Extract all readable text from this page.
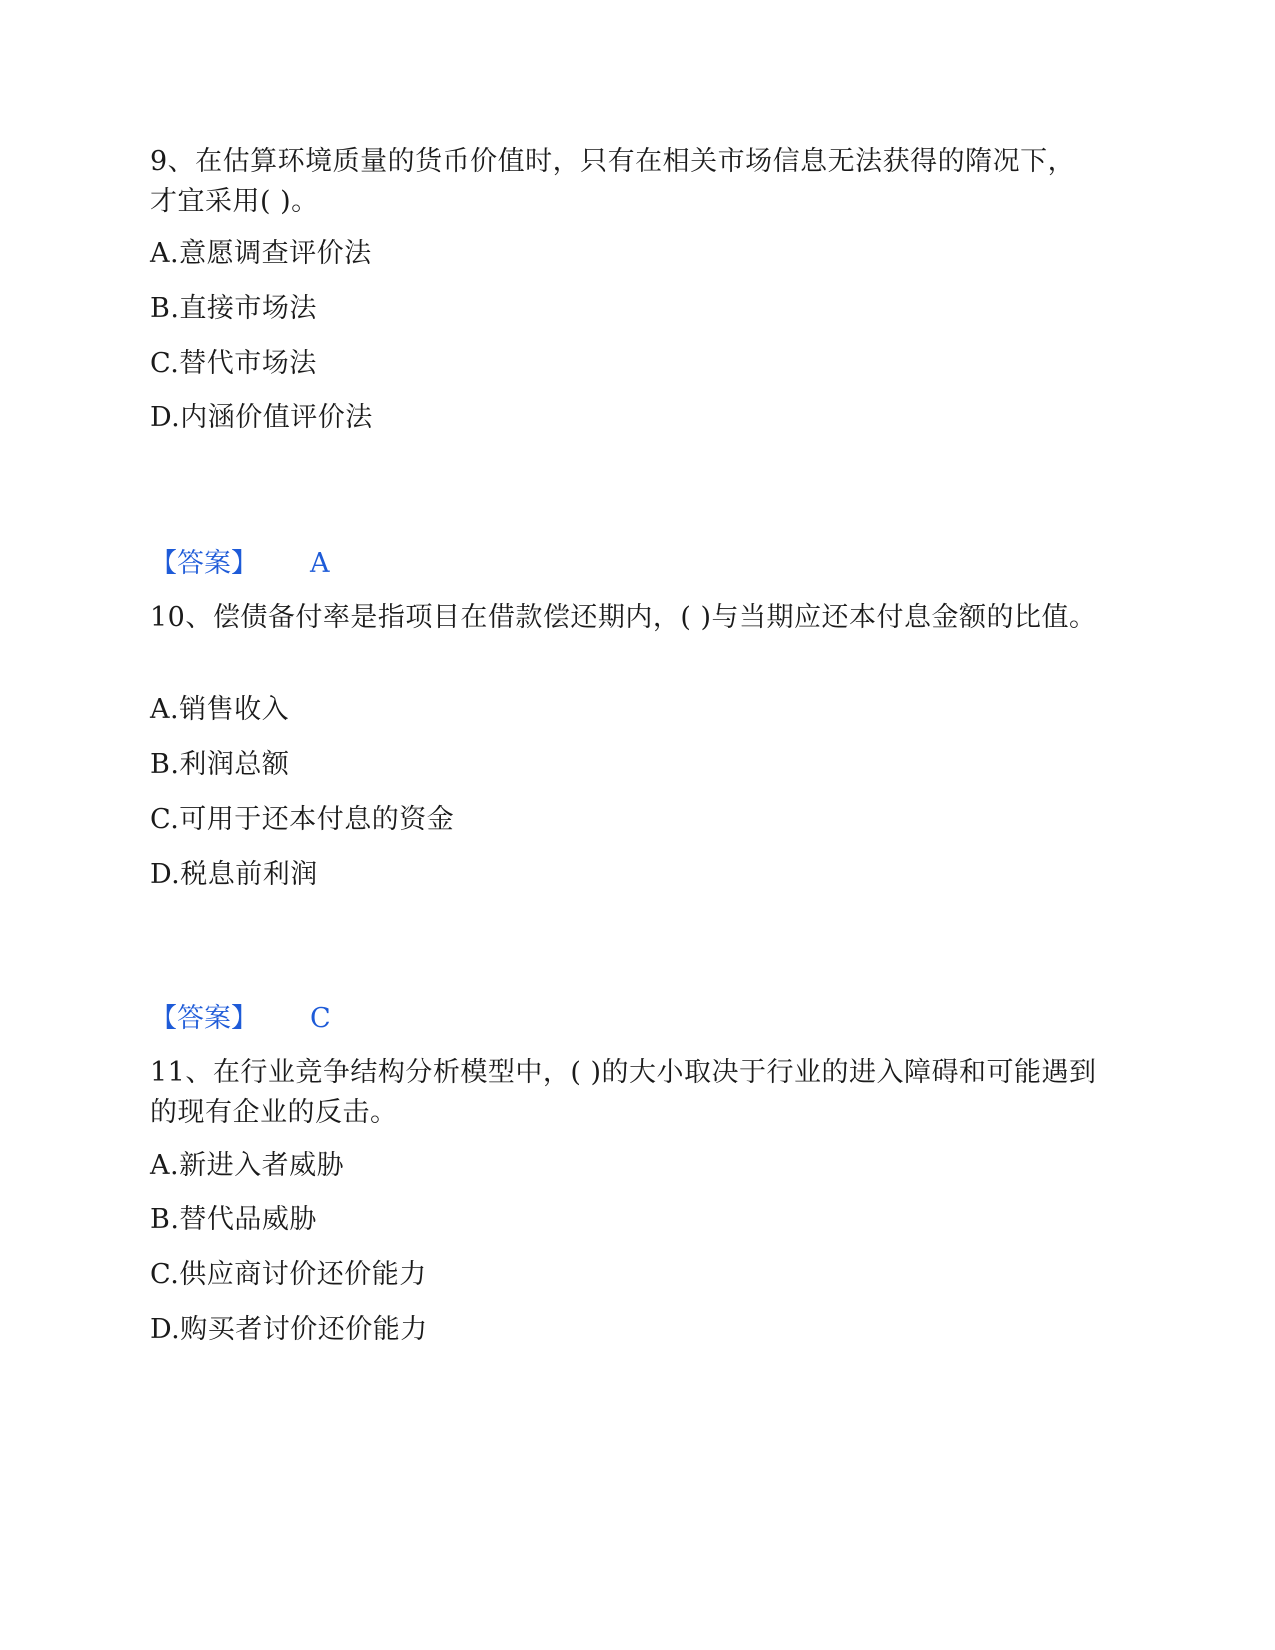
9、在估算环境质量的货币价值时，只有在相关市场信息无法获得的隋况下，才宜采用( )。

A.意愿调查评价法

B.直接市场法

C.替代市场法

D.内涵价值评价法

【答案】 A

10、偿债备付率是指项目在借款偿还期内，( )与当期应还本付息金额的比值。

A.销售收入

B.利润总额

C.可用于还本付息的资金

D.税息前利润

【答案】 C

11、在行业竞争结构分析模型中，( )的大小取决于行业的进入障碍和可能遇到的现有企业的反击。

A.新进入者威胁

B.替代品威胁

C.供应商讨价还价能力

D.购买者讨价还价能力
